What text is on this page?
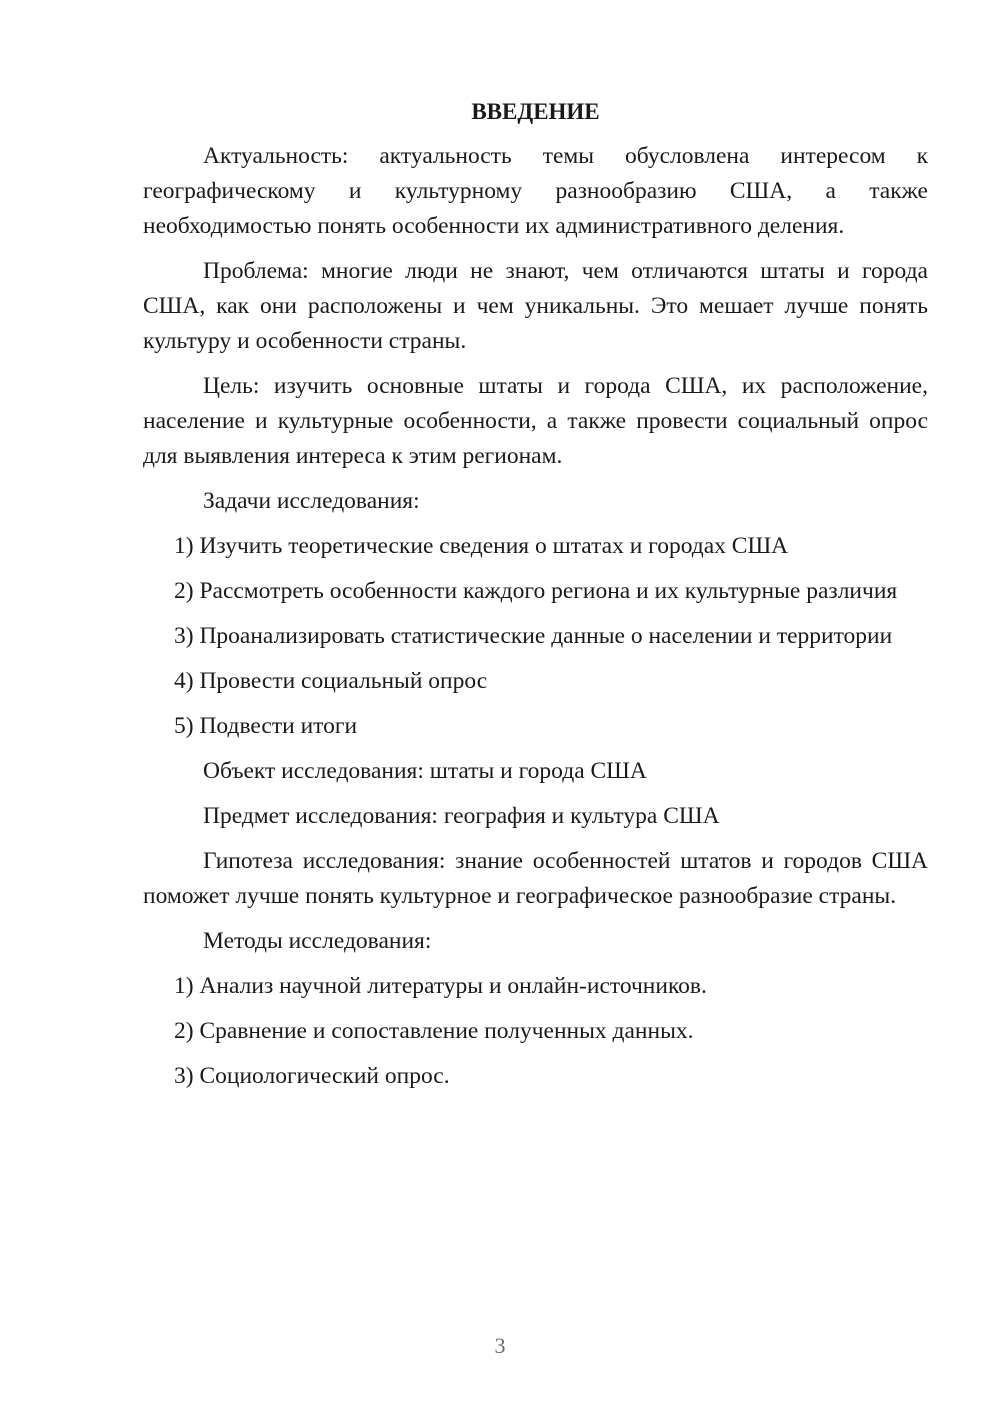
ВВЕДЕНИЕ
Актуальность: актуальность темы обусловлена интересом к географическому и культурному разнообразию США, а также необходимостью понять особенности их административного деления.
Проблема: многие люди не знают, чем отличаются штаты и города США, как они расположены и чем уникальны. Это мешает лучше понять культуру и особенности страны.
Цель: изучить основные штаты и города США, их расположение, население и культурные особенности, а также провести социальный опрос для выявления интереса к этим регионам.
Задачи исследования:
1) Изучить теоретические сведения о штатах и городах США
2) Рассмотреть особенности каждого региона и их культурные различия
3) Проанализировать статистические данные о населении и территории
4) Провести социальный опрос
5) Подвести итоги
Объект исследования: штаты и города США
Предмет исследования: география и культура США
Гипотеза исследования: знание особенностей штатов и городов США поможет лучше понять культурное и географическое разнообразие страны.
Методы исследования:
1) Анализ научной литературы и онлайн-источников.
2) Сравнение и сопоставление полученных данных.
3) Социологический опрос.
3
